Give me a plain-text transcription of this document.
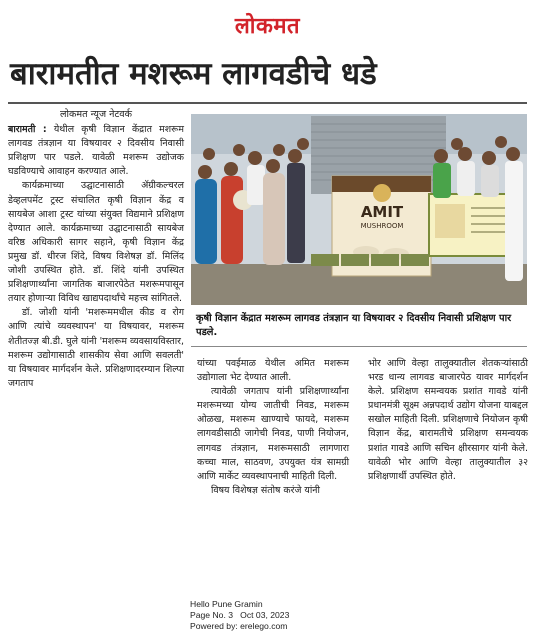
लोकमत
बारामतीत मशरूम लागवडीचे धडे
लोकमत न्यूज नेटवर्क

बारामती : येथील कृषी विज्ञान केंद्रात मशरूम लागवड तंत्रज्ञान या विषयावर २ दिवसीय निवासी प्रशिक्षण पार पडले. यावेळी मशरूम उद्योजक घडविण्याचे आवाहन करण्यात आले.

कार्यक्रमाच्या उद्घाटनासाठी ॲग्रीकल्चरल डेव्हलपमेंट ट्रस्ट संचालित कृषी विज्ञान केंद्र व सायबेज आशा ट्रस्ट यांच्या संयुक्त विद्यमाने प्रशिक्षण देण्यात आले. कार्यक्रमाच्या उद्घाटनासाठी सायबेज वरिष्ठ अधिकारी सागर सहाने, कृषी विज्ञान केंद्र प्रमुख डॉ. धीरज शिंदे, विषय विशेषज्ञ डॉ. मिलिंद जोशी उपस्थित होते. डॉ. शिंदे यांनी उपस्थित प्रशिक्षणार्थ्यांना जागतिक बाजारपेठेत मशरूमपासून तयार होणाऱ्या विविध खाद्यपदार्थांचे महत्त्व सांगितले.

डॉ. जोशी यांनी 'मशरूममधील कीड व रोग आणि त्यांचे व्यवस्थापन' या विषयावर, मशरूम शेतीतज्ज्ञ बी.डी. घुले यांनी 'मशरूम व्यवसायविस्तार, मशरूम उद्योगासाठी शासकीय सेवा आणि सवलती' या विषयावर मार्गदर्शन केले. प्रशिक्षणादरम्यान शिल्पा जगताप

AMIT
MUSHROOM
कृषी विज्ञान केंद्रात मशरूम लागवड तंत्रज्ञान या विषयावर २ दिवसीय निवासी प्रशिक्षण पार पडले.

यांच्या पवईमाळ येथील अमित मशरूम उद्योगाला भेट देण्यात आली.

त्यावेळी जगताप यांनी प्रशिक्षणार्थ्यांना मशरूमच्या योग्य जातीची निवड, मशरूम ओळख, मशरूम खाण्याचे फायदे, मशरूम लागवडीसाठी जागेची निवड, पाणी नियोजन, लागवड तंत्रज्ञान, मशरूमसाठी लागणारा कच्चा माल, साठवण, उपयुक्त यंत्र सामग्री आणि मार्केट व्यवस्थापनाची माहिती दिली.

विषय विशेषज्ञ संतोष करंजे यांनी

भोर आणि वेल्हा तालुक्यातील शेतकऱ्यांसाठी भरड धान्य लागवड बाजारपेठ यावर मार्गदर्शन केले. प्रशिक्षण समन्वयक प्रशांत गावडे यांनी प्रधानमंत्री सूक्ष्म अन्नपदार्थ उद्योग योजना याबद्दल सखोल माहिती दिली. प्रशिक्षणाचे नियोजन कृषी विज्ञान केंद्र, बारामतीचे प्रशिक्षण समन्वयक प्रशांत गावडे आणि सचिन क्षीरसागर यांनी केले. यावेळी भोर आणि वेल्हा तालुक्यातील ३२ प्रशिक्षणार्थी उपस्थित होते.

Hello Pune Gramin
Page No. 3   Oct 03, 2023
Powered by: erelego.com
